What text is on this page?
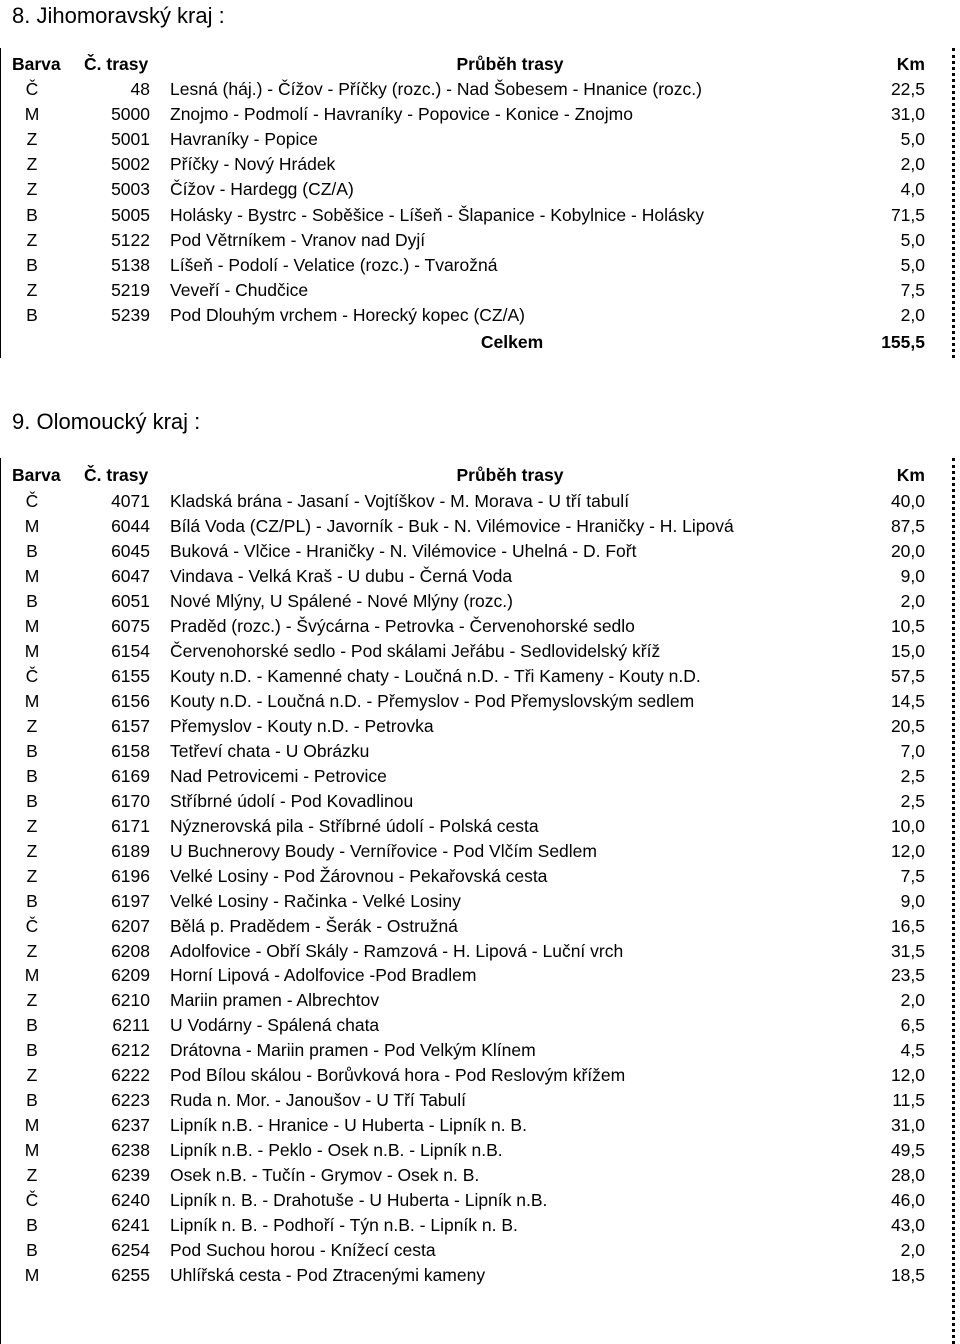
8. Jihomoravský kraj :
Barva Č. trasy	Průběh trasy	Km
Č	48 Lesná (háj.) - Čížov - Příčky (rozc.) - Nad Šobesem - Hnanice (rozc.)	22,5
M	5000 Znojmo - Podmolí - Havraníky - Popovice - Konice - Znojmo	31,0
Z	5001 Havraníky - Popice	5,0
Z	5002 Příčky - Nový Hrádek	2,0
Z	5003 Čížov - Hardegg (CZ/A)	4,0
B	5005 Holásky - Bystrc - Soběšice - Líšeň - Šlapanice - Kobylnice - Holásky	71,5
Z	5122 Pod Větrníkem - Vranov nad Dyjí	5,0
B	5138 Líšeň - Podolí - Velatice (rozc.) - Tvarožná	5,0
Z	5219 Veveří - Chudčice	7,5
B	5239 Pod Dlouhým vrchem - Horecký kopec (CZ/A)	2,0
Celkem	155,5
9. Olomoucký kraj :
Barva Č. trasy	Průběh trasy	Km
Č	4071 Kladská brána - Jasaní - Vojtíškov - M. Morava - U tří tabulí	40,0
M	6044 Bílá Voda (CZ/PL) - Javorník - Buk - N. Vilémovice - Hraničky - H. Lipová	87,5
B	6045 Buková - Vlčice - Hraničky - N. Vilémovice - Uhelná - D. Fořt	20,0
M	6047 Vindava - Velká Kraš - U dubu - Černá Voda	9,0
B	6051 Nové Mlýny, U Spálené - Nové Mlýny (rozc.)	2,0
M	6075 Praděd (rozc.) - Švýcárna - Petrovka - Červenohorské sedlo	10,5
M	6154 Červenohorské sedlo - Pod skálami Jeřábu - Sedlovidelský kříž	15,0
Č	6155 Kouty n.D. - Kamenné chaty - Loučná n.D. - Tři Kameny - Kouty n.D.	57,5
M	6156 Kouty n.D. - Loučná n.D. - Přemyslov - Pod Přemyslovským sedlem	14,5
Z	6157 Přemyslov - Kouty n.D. - Petrovka	20,5
B	6158 Tetřeví chata - U Obrázku	7,0
B	6169 Nad Petrovicemi - Petrovice	2,5
B	6170 Stříbrné údolí - Pod Kovadlinou	2,5
Z	6171 Nýznerovská pila - Stříbrné údolí - Polská cesta	10,0
Z	6189 U Buchnerovy Boudy - Vernířovice - Pod Vlčím Sedlem	12,0
Z	6196 Velké Losiny - Pod Žárovnou - Pekařovská cesta	7,5
B	6197 Velké Losiny - Račinka - Velké Losiny	9,0
Č	6207 Bělá p. Pradědem - Šerák - Ostružná	16,5
Z	6208 Adolfovice - Obří Skály - Ramzová - H. Lipová - Luční vrch	31,5
M	6209 Horní Lipová - Adolfovice -Pod Bradlem	23,5
Z	6210 Mariin pramen - Albrechtov	2,0
B	6211 U Vodárny - Spálená chata	6,5
B	6212 Drátovna - Mariin pramen - Pod Velkým Klínem	4,5
Z	6222 Pod Bílou skálou - Borůvková hora - Pod Reslovým křížem	12,0
B	6223 Ruda n. Mor. - Janoušov - U Tří Tabulí	11,5
M	6237 Lipník n.B. - Hranice - U Huberta - Lipník n. B.	31,0
M	6238 Lipník n.B. - Peklo - Osek n.B. - Lipník n.B.	49,5
Z	6239 Osek n.B. - Tučín - Grymov - Osek n. B.	28,0
Č	6240 Lipník n. B. - Drahotuše - U Huberta - Lipník n.B.	46,0
B	6241 Lipník n. B. - Podhoří - Týn n.B. - Lipník n. B.	43,0
B	6254 Pod Suchou horou - Knížecí cesta	2,0
M	6255 Uhlířská cesta - Pod Ztracenými kameny	18,5
